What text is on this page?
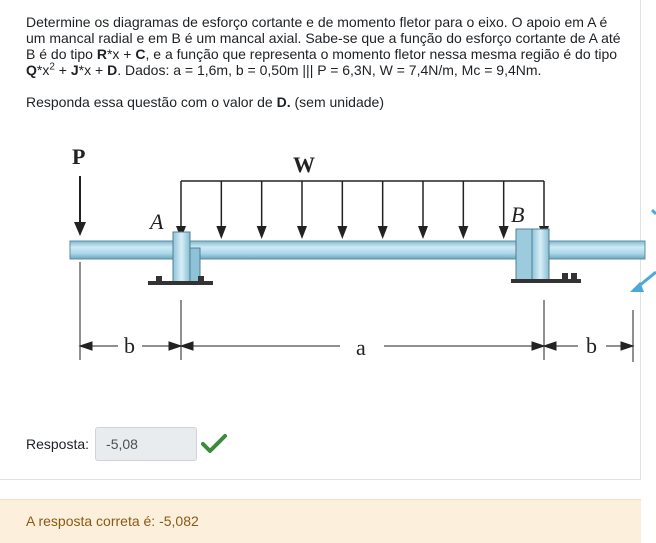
Determine os diagramas de esforço cortante e de momento fletor para o eixo. O apoio em A é um mancal radial e em B é um mancal axial. Sabe-se que a função do esforço cortante de A até B é do tipo R*x + C, e a função que representa o momento fletor nessa mesma região é do tipo $Q*x^2 + J*x + D$. Dados: a = 1,6m, b = 0,50m ||| P = 6,3N, W = 7,4N/m, Mc = 9,4Nm.
Responda essa questão com o valor de D. (sem unidade)
P	W
A	B
b	a	b
Resposta:
-5,08
A resposta correta é: -5,082
